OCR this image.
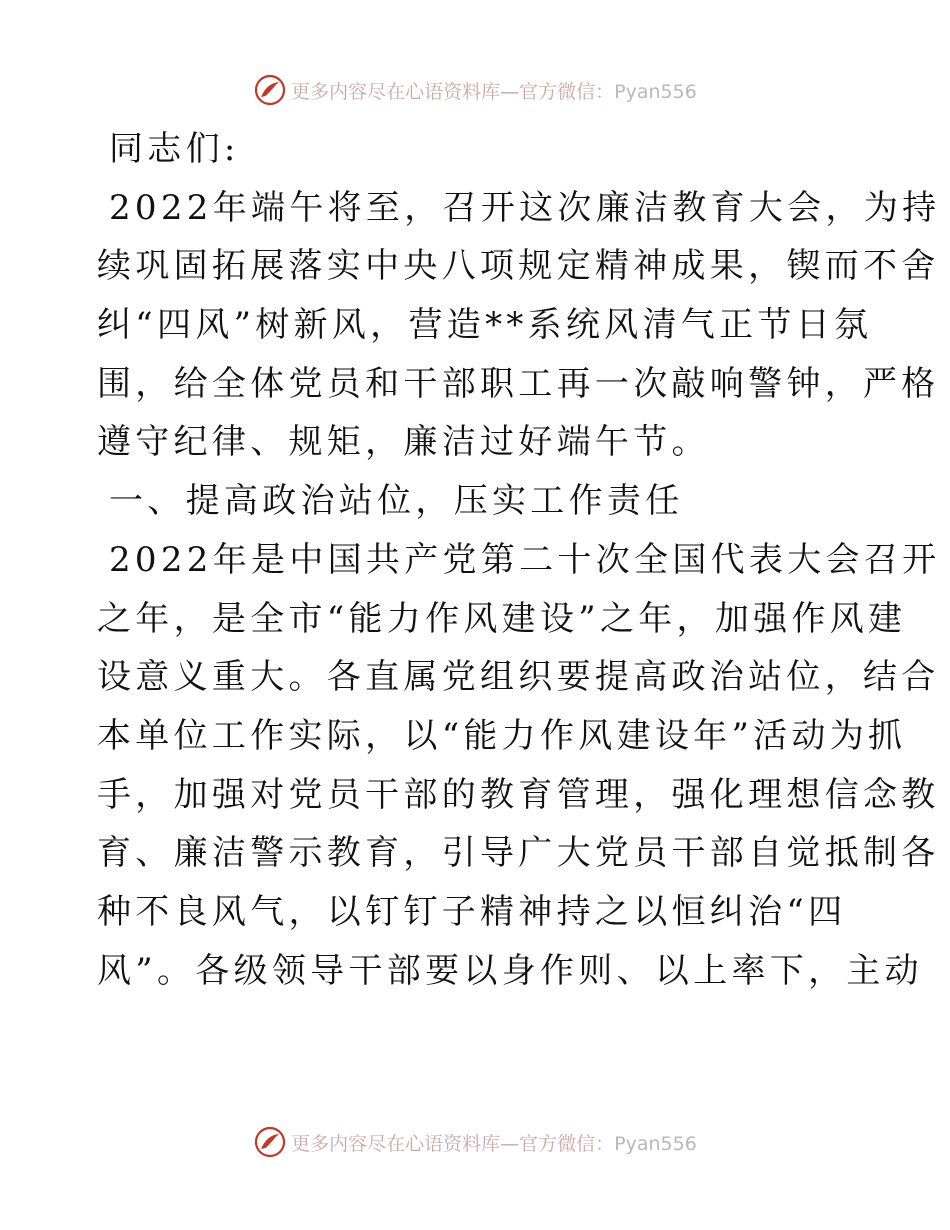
更多内容尽在心语资料库—官方微信：Pyan556
同志们:
2022年端午将至，召开这次廉洁教育大会，为持
续巩固拓展落实中央八项规定精神成果，锲而不舍
纠“四风”树新风，营造**系统风清气正节日氛
围，给全体党员和干部职工再一次敲响警钟，严格
遵守纪律、规矩，廉洁过好端午节。
一、提高政治站位，压实工作责任
2022年是中国共产党第二十次全国代表大会召开
之年，是全市“能力作风建设”之年，加强作风建
设意义重大。各直属党组织要提高政治站位，结合
本单位工作实际，以“能力作风建设年”活动为抓
手，加强对党员干部的教育管理，强化理想信念教
育、廉洁警示教育，引导广大党员干部自觉抵制各
种不良风气，以钉钉子精神持之以恒纠治“四
风”。各级领导干部要以身作则、以上率下，主动
更多内容尽在心语资料库—官方微信：Pyan556
